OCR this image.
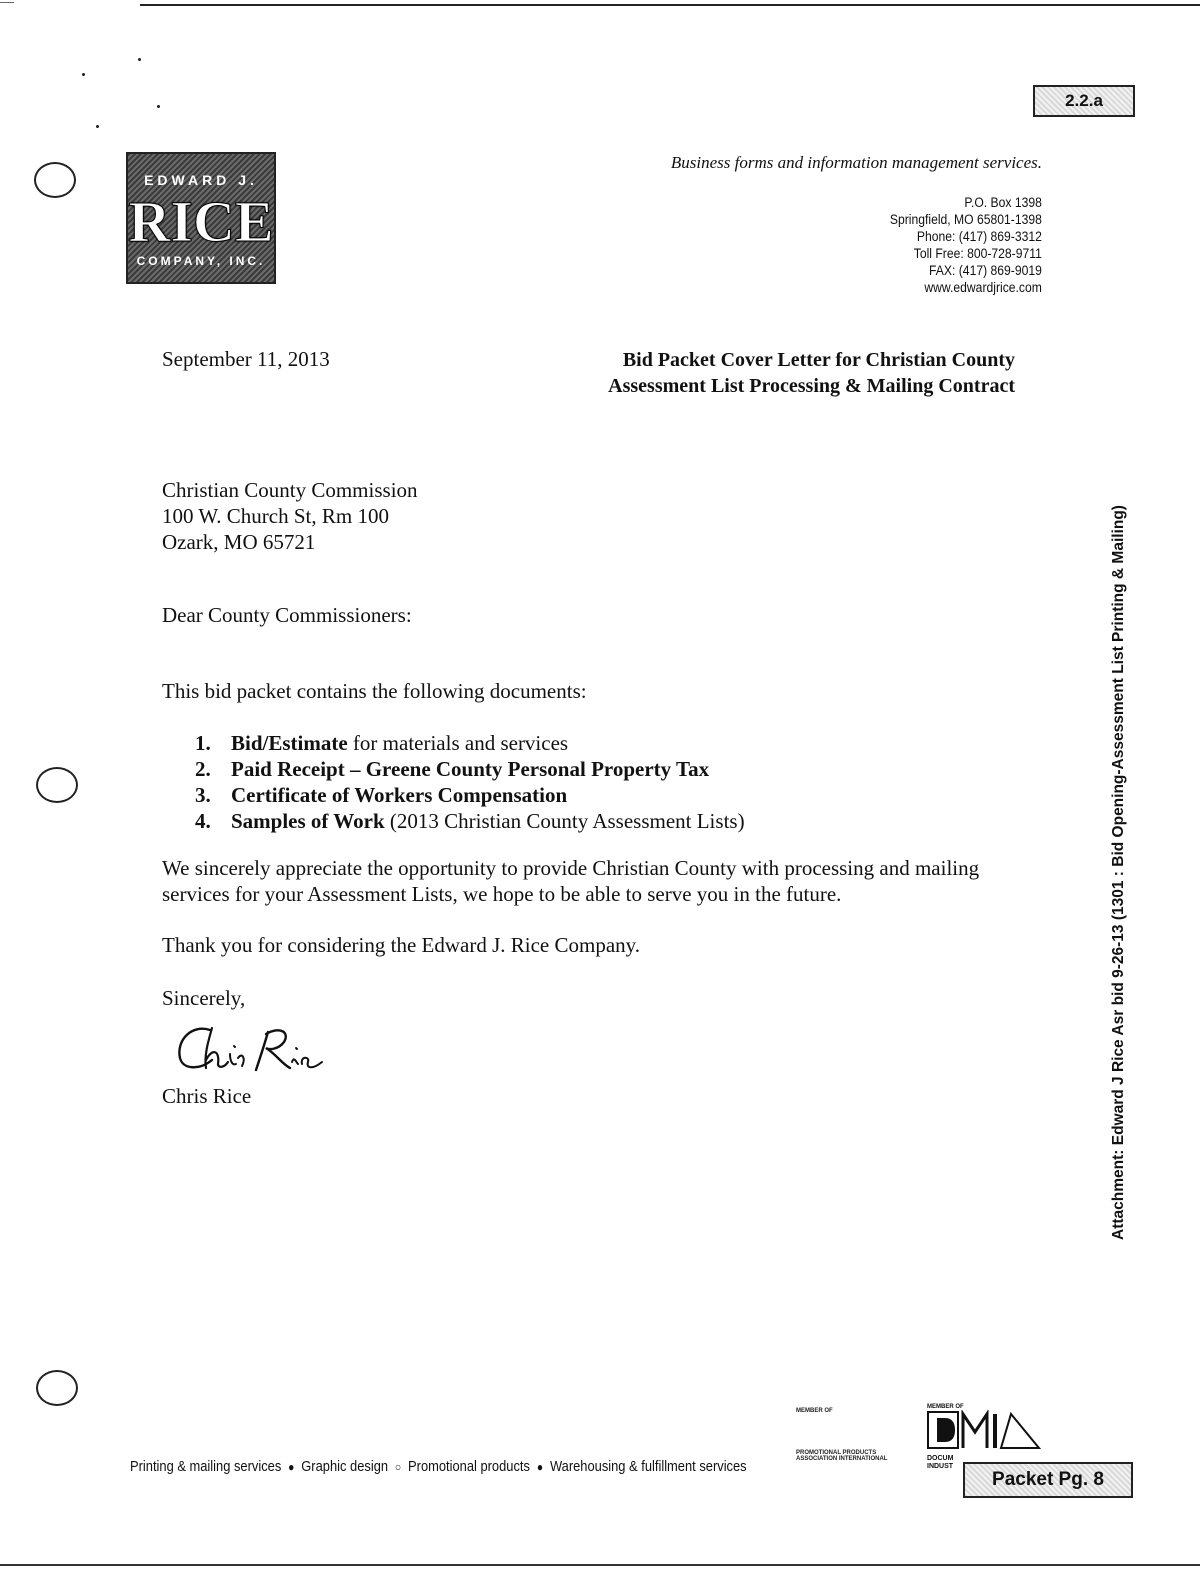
2.2.a
EDWARD J.
RICE
COMPANY, INC.
Business forms and information management services.
P.O. Box 1398
Springfield, MO 65801-1398
Phone: (417) 869-3312
Toll Free: 800-728-9711
FAX: (417) 869-9019
www.edwardjrice.com
September 11, 2013	Bid Packet Cover Letter for Christian County
Assessment List Processing & Mailing Contract
Christian County Commission
100 W. Church St, Rm 100
Ozark, MO 65721
Dear County Commissioners:
This bid packet contains the following documents:
1. Bid/Estimate for materials and services
2. Paid Receipt – Greene County Personal Property Tax
3. Certificate of Workers Compensation
4. Samples of Work (2013 Christian County Assessment Lists)
We sincerely appreciate the opportunity to provide Christian County with processing and mailing services for your Assessment Lists, we hope to be able to serve you in the future.
Thank you for considering the Edward J. Rice Company.
Sincerely,
Chris Rice	Attachment: Edward J Rice Asr bid 9-26-13 (1301 : Bid Opening-Assessment List Printing & Mailing)
Printing & mailing services ● Graphic design ○ Promotional products ● Warehousing & fulfillment services
MEMBER OF
PROMOTIONAL PRODUCTS
ASSOCIATION INTERNATIONAL
MEMBER OF
DOCUM
INDUST
Packet Pg. 8
